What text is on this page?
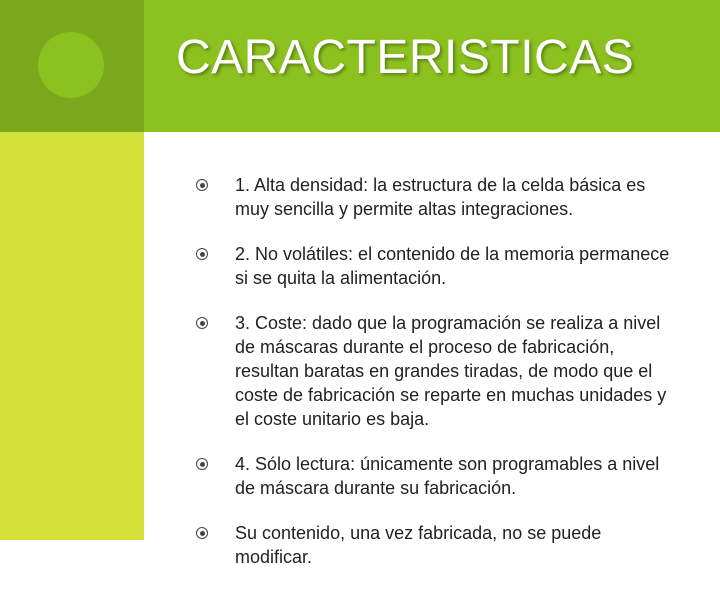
CARACTERISTICAS
1. Alta densidad: la estructura de la celda básica es muy sencilla y permite altas integraciones.
2. No volátiles: el contenido de la memoria permanece si se quita la alimentación.
3. Coste: dado que la programación se realiza a nivel de máscaras durante el proceso de fabricación, resultan baratas en grandes tiradas, de modo que el coste de fabricación se reparte en muchas unidades y el coste unitario es baja.
4. Sólo lectura: únicamente son programables a nivel de máscara durante su fabricación.
Su contenido, una vez fabricada, no se puede modificar.
